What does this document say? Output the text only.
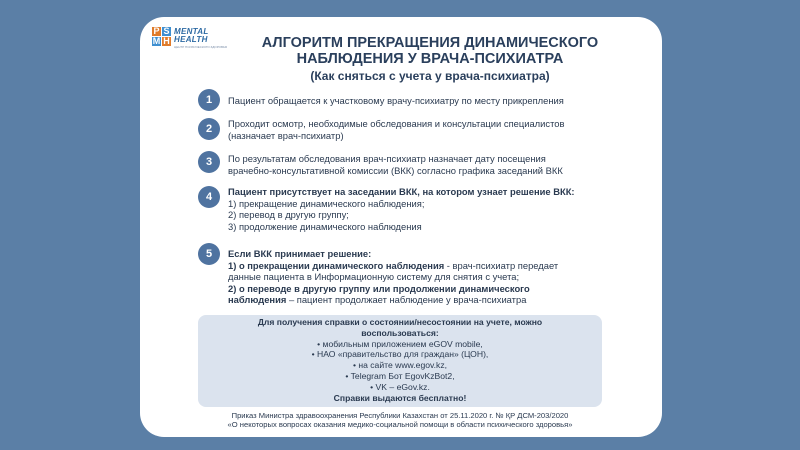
P S
M H
MENTAL
HEALTH
ЦЕНТР ПСИХИЧЕСКОГО ЗДОРОВЬЯ	АЛГОРИТМ ПРЕКРАЩЕНИЯ ДИНАМИЧЕСКОГО
НАБЛЮДЕНИЯ У ВРАЧА-ПСИХИАТРА
(Как сняться с учета у врача-психиатра)
1	Пациент обращается к участковому врачу-психиатру по месту прикрепления
2	Проходит осмотр, необходимые обследования и консультации специалистов
(назначает врач-психиатр)
3	По результатам обследования врач-психиатр назначает дату посещения
врачебно-консультативной комиссии (ВКК) согласно графика заседаний ВКК
4	Пациент присутствует на заседании ВКК, на котором узнает решение ВКК:
1) прекращение динамического наблюдения;
2) перевод в другую группу;
3) продолжение динамического наблюдения
5	Если ВКК принимает решение:
1) о прекращении динамического наблюдения - врач-психиатр передает
данные пациента в Информационную систему для снятия с учета;
2) о переводе в другую группу или продолжении динамического
наблюдения – пациент продолжает наблюдение у врача-психиатра
Для получения справки о состоянии/несостоянии на учете, можно
воспользоваться:
• мобильным приложением eGOV mobile,
• НАО «правительство для граждан» (ЦОН),
• на сайте www.egov.kz,
• Telegram Бот EgovKzBot2,
• VK – eGov.kz.
Справки выдаются бесплатно!
Приказ Министра здравоохранения Республики Казахстан от 25.11.2020 г. № ҚР ДСМ-203/2020
«О некоторых вопросах оказания медико-социальной помощи в области психического здоровья»
